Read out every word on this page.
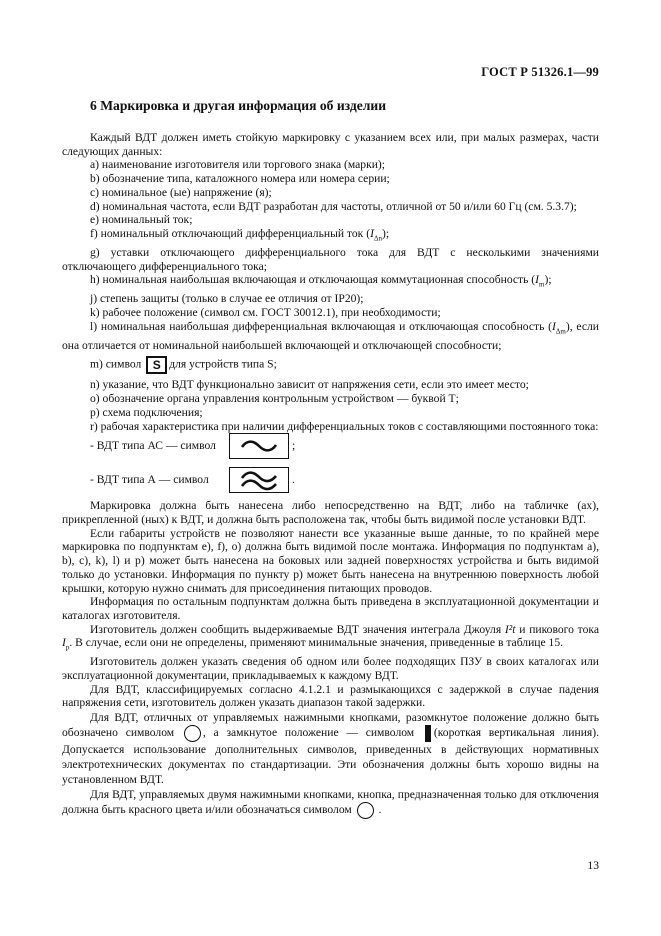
ГОСТ Р 51326.1—99
6 Маркировка и другая информация об изделии

Каждый ВДТ должен иметь стойкую маркировку с указанием всех или, при малых размерах, части следующих данных:

а) наименование изготовителя или торгового знака (марки);

b) обозначение типа, каталожного номера или номера серии;

с) номинальное (ые) напряжение (я);

d) номинальная частота, если ВДТ разработан для частоты, отличной от 50 и/или 60 Гц (см. 5.3.7);

е) номинальный ток;

f) номинальный отключающий дифференциальный ток $(I_{\Delta n})$;

g) уставки отключающего дифференциального тока для ВДТ с несколькими значениями отключающего дифференциального тока;

h) номинальная наибольшая включающая и отключающая коммутационная способность $(I_m)$;

j) степень защиты (только в случае ее отличия от IP20);

k) рабочее положение (символ см. ГОСТ 30012.1), при необходимости;

l) номинальная наибольшая дифференциальная включающая и отключающая способность $(I_{\Delta m})$, если она отличается от номинальной наибольшей включающей и отключающей способности;

m) символ S для устройств типа S;

n) указание, что ВДТ функционально зависит от напряжения сети, если это имеет место;

о) обозначение органа управления контрольным устройством — буквой Т;

р) схема подключения;

r) рабочая характеристика при наличии дифференциальных токов с составляющими постоянного тока:

- ВДТ типа АС — символ	;
- ВДТ типа А — символ	.

Маркировка должна быть нанесена либо непосредственно на ВДТ, либо на табличке (ах), прикрепленной (ных) к ВДТ, и должна быть расположена так, чтобы быть видимой после установки ВДТ.

Если габариты устройств не позволяют нанести все указанные выше данные, то по крайней мере маркировка по подпунктам е), f), о) должна быть видимой после монтажа. Информация по подпунктам а), b), с), k), l) и р) может быть нанесена на боковых или задней поверхностях устройства и быть видимой только до установки. Информация по пункту р) может быть нанесена на внутреннюю поверхность любой крышки, которую нужно снимать для присоединения питающих проводов.

Информация по остальным подпунктам должна быть приведена в эксплуатационной документации и каталогах изготовителя.

Изготовитель должен сообщить выдерживаемые ВДТ значения интеграла Джоуля I²t и пикового тока $I_p$. В случае, если они не определены, применяют минимальные значения, приведенные в таблице 15.

Изготовитель должен указать сведения об одном или более подходящих ПЗУ в своих каталогах или эксплуатационной документации, прикладываемых к каждому ВДТ.

Для ВДТ, классифицируемых согласно 4.1.2.1 и размыкающихся с задержкой в случае падения напряжения сети, изготовитель должен указать диапазон такой задержки.

Для ВДТ, отличных от управляемых нажимными кнопками, разомкнутое положение должно быть обозначено символом , а замкнутое положение — символом (короткая вертикальная линия). Допускается использование дополнительных символов, приведенных в действующих нормативных электротехнических документах по стандартизации. Эти обозначения должны быть хорошо видны на установленном ВДТ.

Для ВДТ, управляемых двумя нажимными кнопками, кнопка, предназначенная только для отключения должна быть красного цвета и/или обозначаться символом .

13
